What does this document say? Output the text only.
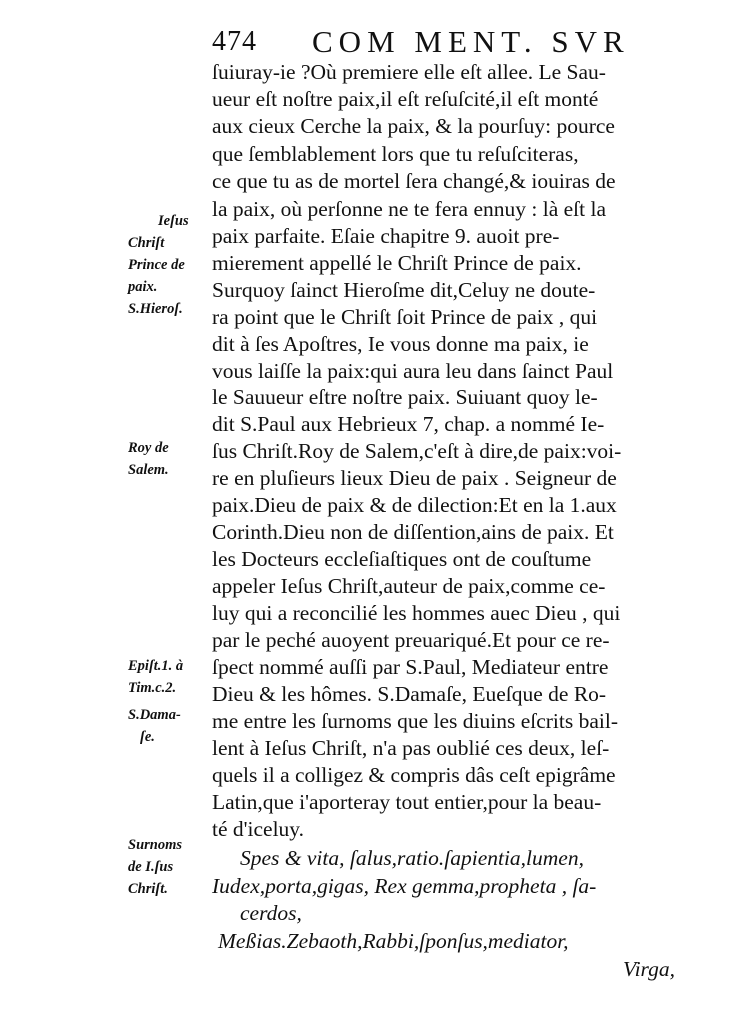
474 COM MENT. SVR
ſuiuray-ie ?Où premiere elle eſt allee. Le Sau-
ueur eſt noſtre paix,il eſt reſuſcité,il eſt monté
aux cieux Cerche la paix, & la pourſuy: pource
que ſemblablement lors que tu reſuſciteras,
ce que tu as de mortel ſera changé,& iouiras de
la paix, où perſonne ne te fera ennuy : là eſt la
paix parfaite. Eſaie chapitre 9. auoit pre-
mierement appellé le Chriſt Prince de paix.
Surquoy ſainct Hieroſme dit,Celuy ne doute-
ra point que le Chriſt ſoit Prince de paix , qui
dit à ſes Apoſtres, Ie vous donne ma paix, ie
vous laiſſe la paix:qui aura leu dans ſainct Paul
le Sauueur eſtre noſtre paix. Suiuant quoy le-
dit S.Paul aux Hebrieux 7, chap. a nommé Ie-
ſus Chriſt.Roy de Salem,c'eſt à dire,de paix:voi-
re en pluſieurs lieux Dieu de paix . Seigneur de
paix.Dieu de paix & de dilection:Et en la 1.aux
Corinth.Dieu non de diſſention,ains de paix. Et
les Docteurs eccleſiaſtiques ont de couſtume
appeler Ieſus Chriſt,auteur de paix,comme ce-
luy qui a reconcilié les hommes auec Dieu , qui
par le peché auoyent preuariqué.Et pour ce re-
ſpect nommé auſſi par S.Paul, Mediateur entre
Dieu & les hômes. S.Damaſe, Eueſque de Ro-
me entre les ſurnoms que les diuins eſcrits bail-
lent à Ieſus Chriſt, n'a pas oublié ces deux, leſ-
quels il a colligez & compris dâs ceſt epigrâme
Latin,que i'aporteray tout entier,pour la beau-
té d'iceluy.
Spes & vita, ſalus,ratio.ſapientia,lumen,
Iudex,porta,gigas, Rex gemma,propheta , ſa-
cerdos,
Meßias.Zebaoth,Rabbi,ſponſus,mediator,
Virga,
Ieſus
Chriſt
Prince de
paix.
S.Hieroſ.
Roy de
Salem.
Epiſt.1. à
Tim.c.2.
S.Dama-
ſe.
Surnoms
de I.ſus
Chriſt.
